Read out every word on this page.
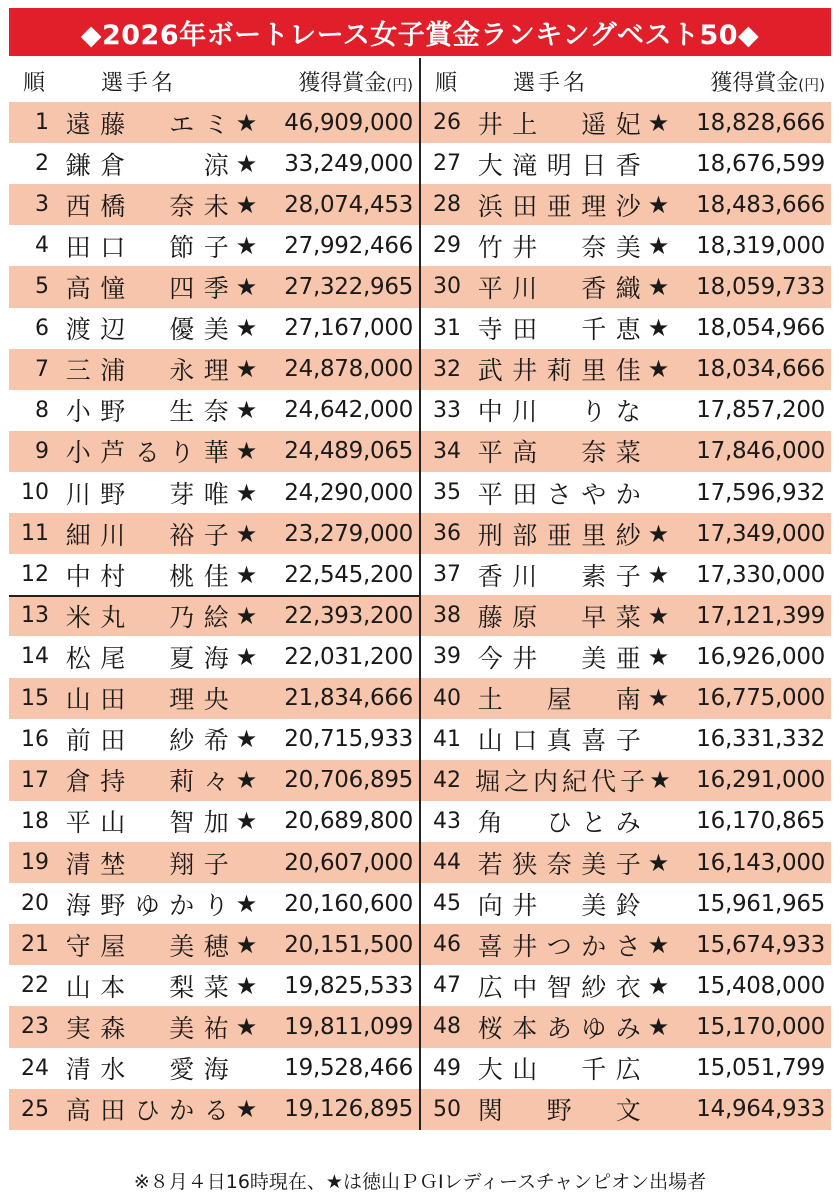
◆2026年ボートレース女子賞金ランキングベスト50◆
順	選手名	獲得賞金(円) 順	選手名	獲得賞金(円)
1 遠 藤 エ ミ ★ 46,909,000 26 井 上 遥 妃 ★ 18,828,666
2 鎌 倉	涼 ★ 33,249,000 27 大 滝 明 日 香 18,676,599
3 西 橋 奈 未 ★ 28,074,453 28 浜 田 亜 理 沙 ★ 18,483,666
4 田 口 節 子 ★ 27,992,466 29 竹 井 奈 美 ★ 18,319,000
5 高 憧 四 季 ★ 27,322,965 30 平 川 香 織 ★ 18,059,733
6 渡 辺 優 美 ★ 27,167,000 31 寺 田 千 恵 ★ 18,054,966
7 三 浦 永 理 ★ 24,878,000 32 武 井 莉 里 佳 ★ 18,034,666
8 小 野 生 奈 ★ 24,642,000 33 中 川 り な 17,857,200
9 小 芦 る り 華 ★ 24,489,065 34 平 高 奈 菜 17,846,000
10 川 野 芽 唯 ★ 24,290,000 35 平 田 さ や か 17,596,932
11 細 川 裕 子 ★ 23,279,000 36 刑 部 亜 里 紗 ★ 17,349,000
12 中 村 桃 佳 ★ 22,545,200 37 香 川 素 子 ★ 17,330,000
13 米 丸 乃 絵 ★ 22,393,200 38 藤 原 早 菜 ★ 17,121,399
14 松 尾 夏 海 ★ 22,031,200 39 今 井 美 亜 ★ 16,926,000
15 山 田 理 央 21,834,666 40 土 屋 南 ★ 16,775,000
16 前 田 紗 希 ★ 20,715,933 41 山 口 真 喜 子 16,331,332
17 倉 持 莉 々 ★ 20,706,895 42 堀 之 内 紀 代 子 ★ 16,291,000
18 平 山 智 加 ★ 20,689,800 43 角 ひ と み 16,170,865
19 清 埜 翔 子 20,607,000 44 若 狭 奈 美 子 ★ 16,143,000
20 海 野 ゆ か り ★ 20,160,600 45 向 井 美 鈴 15,961,965
21 守 屋 美 穂 ★ 20,151,500 46 喜 井 つ か さ ★ 15,674,933
22 山 本 梨 菜 ★ 19,825,533 47 広 中 智 紗 衣 ★ 15,408,000
23 実 森 美 祐 ★ 19,811,099 48 桜 本 あ ゆ み ★ 15,170,000
24 清 水 愛 海 19,528,466 49 大 山 千 広 15,051,799
25 高 田 ひ か る ★ 19,126,895 50 関 野 文 14,964,933
※８月４日16時現在、★は徳山ＰＧⅠレディースチャンピオン出場者
